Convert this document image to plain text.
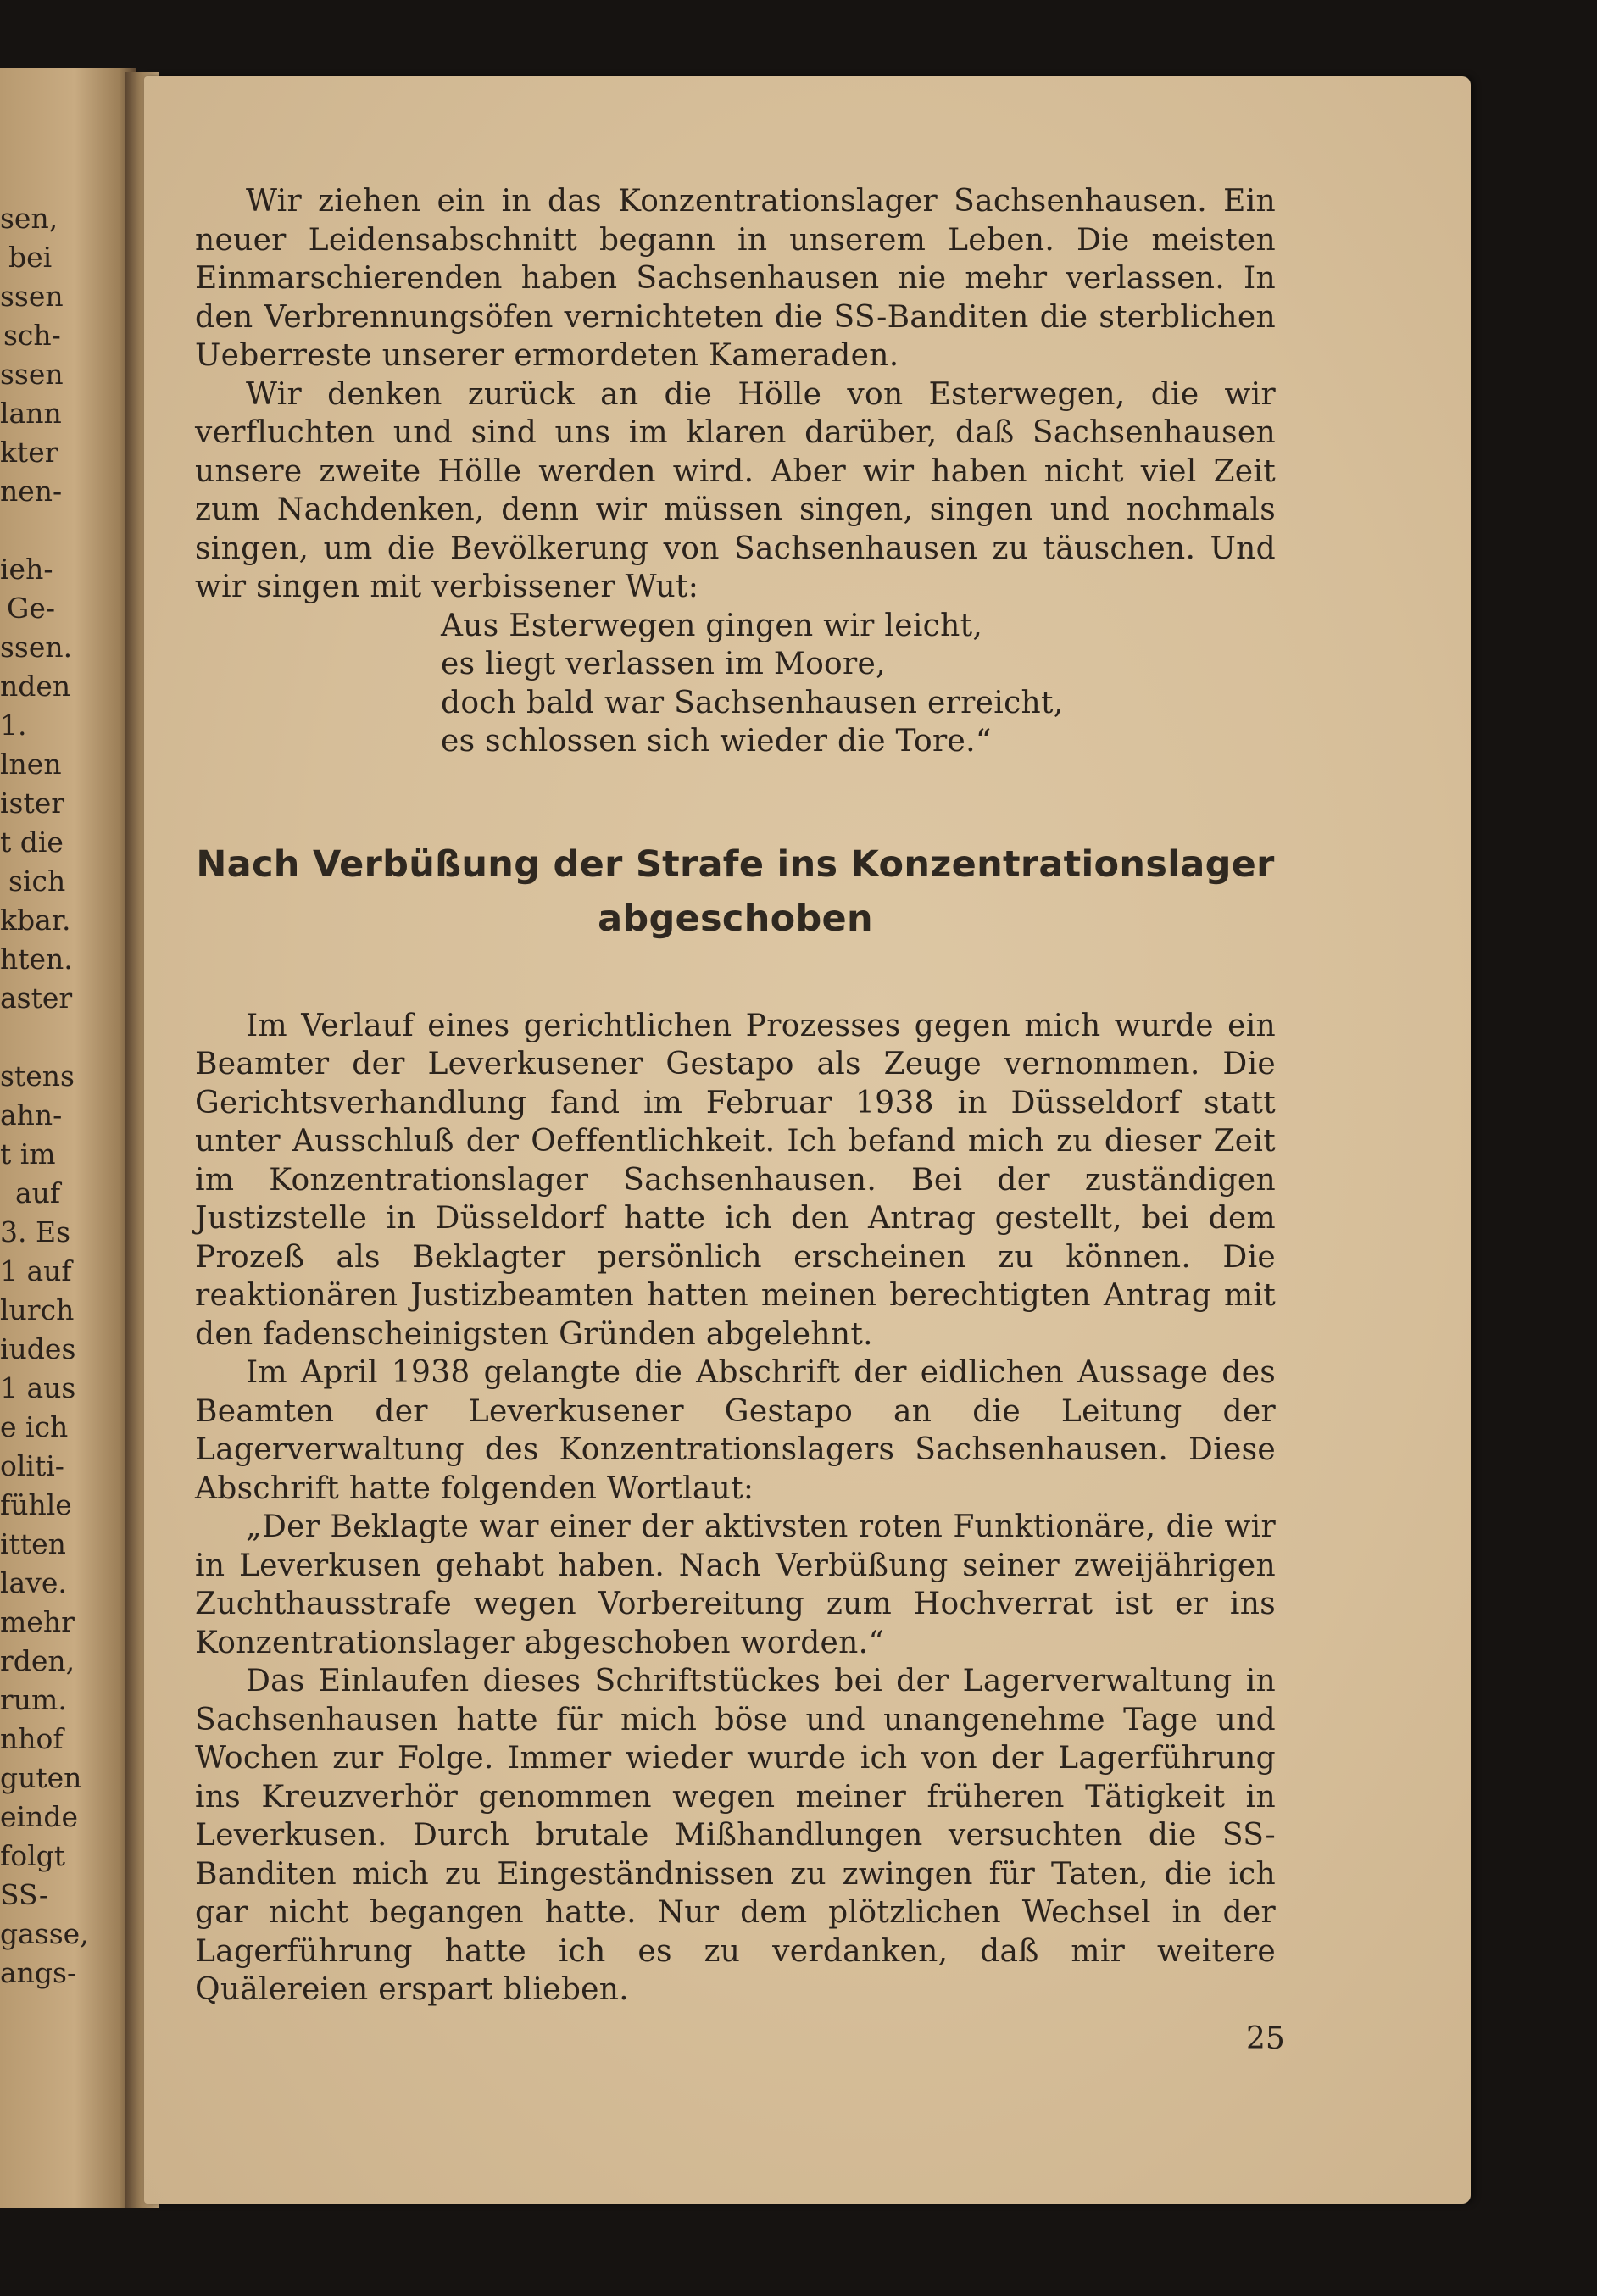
sen,
bei
ssen
sch-
ssen
lann
kter
nen-
ieh-
Ge-
ssen.
nden
1.
lnen
ister
t die
sich
kbar.
hten.
aster
stens
ahn-
t im
auf
3. Es
1 auf
lurch
iudes
1 aus
e ich
oliti-
fühle
itten
lave.
mehr
rden,
rum.
nhof
guten
einde
folgt
SS-
gasse,
angs-

Wir ziehen ein in das Konzentrationslager Sachsenhausen. Ein neuer Leidensabschnitt begann in unserem Leben. Die meisten Einmarschierenden haben Sachsenhausen nie mehr verlassen. In den Verbrennungsöfen vernichteten die SS-Banditen die sterblichen Ueberreste unserer ermordeten Kameraden.

Wir denken zurück an die Hölle von Esterwegen, die wir verfluchten und sind uns im klaren darüber, daß Sachsenhausen unsere zweite Hölle werden wird. Aber wir haben nicht viel Zeit zum Nachdenken, denn wir müssen singen, singen und nochmals singen, um die Bevölkerung von Sachsenhausen zu täuschen. Und wir singen mit verbissener Wut:

Aus Esterwegen gingen wir leicht,
es liegt verlassen im Moore,
doch bald war Sachsenhausen erreicht,
es schlossen sich wieder die Tore.“
Nach Verbüßung der Strafe ins Konzentrationslager
abgeschoben

Im Verlauf eines gerichtlichen Prozesses gegen mich wurde ein Beamter der Leverkusener Gestapo als Zeuge vernommen. Die Gerichtsverhandlung fand im Februar 1938 in Düsseldorf statt unter Ausschluß der Oeffentlichkeit. Ich befand mich zu dieser Zeit im Konzentrationslager Sachsenhausen. Bei der zuständigen Justizstelle in Düsseldorf hatte ich den Antrag gestellt, bei dem Prozeß als Beklagter persönlich erscheinen zu können. Die reaktionären Justizbeamten hatten meinen berechtigten Antrag mit den fadenscheinigsten Gründen abgelehnt.

Im April 1938 gelangte die Abschrift der eidlichen Aussage des Beamten der Leverkusener Gestapo an die Leitung der Lagerverwaltung des Konzentrationslagers Sachsenhausen. Diese Abschrift hatte folgenden Wortlaut:

„Der Beklagte war einer der aktivsten roten Funktionäre, die wir in Leverkusen gehabt haben. Nach Verbüßung seiner zweijährigen Zuchthausstrafe wegen Vorbereitung zum Hochverrat ist er ins Konzentrationslager abgeschoben worden.“

Das Einlaufen dieses Schriftstückes bei der Lagerverwaltung in Sachsenhausen hatte für mich böse und unangenehme Tage und Wochen zur Folge. Immer wieder wurde ich von der Lagerführung ins Kreuzverhör genommen wegen meiner früheren Tätigkeit in Leverkusen. Durch brutale Mißhandlungen versuchten die SS-Banditen mich zu Eingeständnissen zu zwingen für Taten, die ich gar nicht begangen hatte. Nur dem plötzlichen Wechsel in der Lagerführung hatte ich es zu verdanken, daß mir weitere Quälereien erspart blieben.

25
